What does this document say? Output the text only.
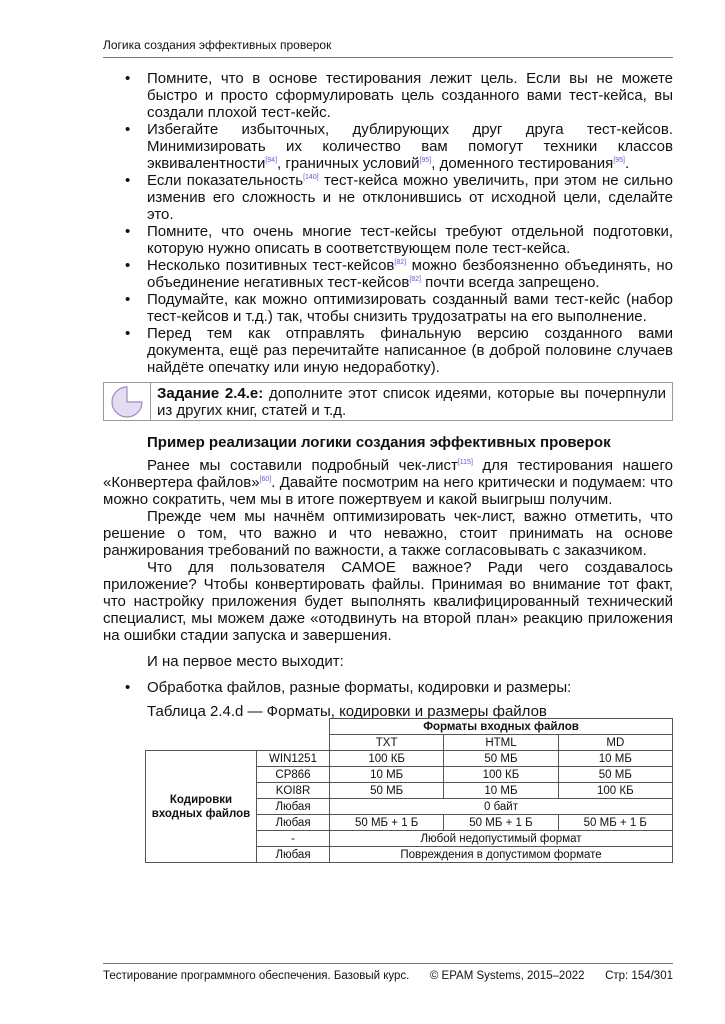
Логика создания эффективных проверок
• Помните, что в основе тестирования лежит цель. Если вы не можете быстро и просто сформулировать цель созданного вами тест-кейса, вы создали плохой тест-кейс.
• Избегайте избыточных, дублирующих друг друга тест-кейсов. Минимизировать их количество вам помогут техники классов эквивалентности[94], граничных условий[95], доменного тестирования[95].
• Если показательность[140] тест-кейса можно увеличить, при этом не сильно изменив его сложность и не отклонившись от исходной цели, сделайте это.
• Помните, что очень многие тест-кейсы требуют отдельной подготовки, которую нужно описать в соответствующем поле тест-кейса.
• Несколько позитивных тест-кейсов[82] можно безбоязненно объединять, но объединение негативных тест-кейсов[82] почти всегда запрещено.
• Подумайте, как можно оптимизировать созданный вами тест-кейс (набор тест-кейсов и т.д.) так, чтобы снизить трудозатраты на его выполнение.
• Перед тем как отправлять финальную версию созданного вами документа, ещё раз перечитайте написанное (в доброй половине случаев найдёте опечатку или иную недоработку).
Задание 2.4.e: дополните этот список идеями, которые вы почерпнули из других книг, статей и т.д.
Пример реализации логики создания эффективных проверок

Ранее мы составили подробный чек-лист[115] для тестирования нашего «Конвертера файлов»[60]. Давайте посмотрим на него критически и подумаем: что можно сократить, чем мы в итоге пожертвуем и какой выигрыш получим.

Прежде чем мы начнём оптимизировать чек-лист, важно отметить, что решение о том, что важно и что неважно, стоит принимать на основе ранжирования требований по важности, а также согласовывать с заказчиком.

Что для пользователя САМОЕ важное? Ради чего создавалось приложение? Чтобы конвертировать файлы. Принимая во внимание тот факт, что настройку приложения будет выполнять квалифицированный технический специалист, мы можем даже «отодвинуть на второй план» реакцию приложения на ошибки стадии запуска и завершения.

И на первое место выходит:

• Обработка файлов, разные форматы, кодировки и размеры:
Таблица 2.4.d — Форматы, кодировки и размеры файлов
		Форматы входных файлов		
		TXT	HTML	MD
Кодировки входных файлов	WIN1251	100 КБ	50 МБ	10 МБ
	CP866	10 МБ	100 КБ	50 МБ
	KOI8R	50 МБ	10 МБ	100 КБ
	Любая	0 байт		
	Любая	50 МБ + 1 Б	50 МБ + 1 Б	50 МБ + 1 Б
	-	Любой недопустимый формат		
	Любая	Повреждения в допустимом формате		
Тестирование программного обеспечения. Базовый курс. © EPAM Systems, 2015–2022 Стр: 154/301
